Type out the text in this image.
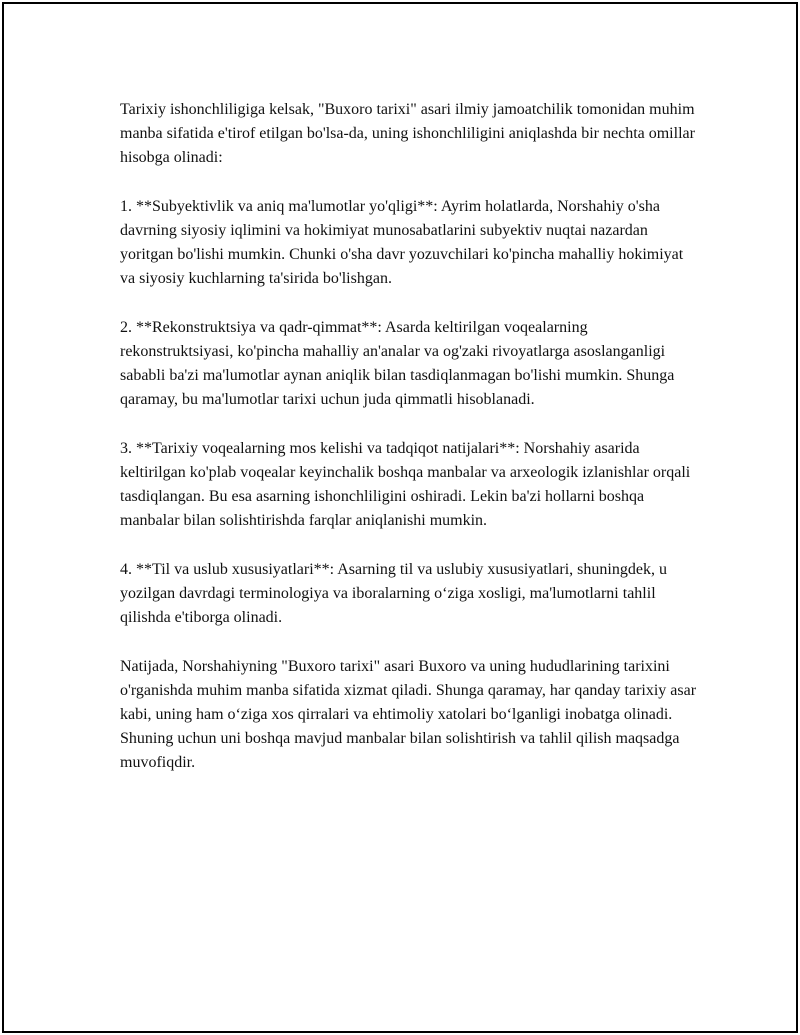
Tarixiy ishonchliligiga kelsak, "Buxoro tarixi" asari ilmiy jamoatchilik tomonidan muhim manba sifatida e'tirof etilgan bo'lsa-da, uning ishonchliligini aniqlashda bir nechta omillar hisobga olinadi:

1. **Subyektivlik va aniq ma'lumotlar yo'qligi**: Ayrim holatlarda, Norshahiy o'sha davrning siyosiy iqlimini va hokimiyat munosabatlarini subyektiv nuqtai nazardan yoritgan bo'lishi mumkin. Chunki o'sha davr yozuvchilari ko'pincha mahalliy hokimiyat va siyosiy kuchlarning ta'sirida bo'lishgan.

2. **Rekonstruktsiya va qadr-qimmat**: Asarda keltirilgan voqealarning rekonstruktsiyasi, ko'pincha mahalliy an'analar va og'zaki rivoyatlarga asoslanganligi sababli ba'zi ma'lumotlar aynan aniqlik bilan tasdiqlanmagan bo'lishi mumkin. Shunga qaramay, bu ma'lumotlar tarixi uchun juda qimmatli hisoblanadi.

3. **Tarixiy voqealarning mos kelishi va tadqiqot natijalari**: Norshahiy asarida keltirilgan ko'plab voqealar keyinchalik boshqa manbalar va arxeologik izlanishlar orqali tasdiqlangan. Bu esa asarning ishonchliligini oshiradi. Lekin ba'zi hollarni boshqa manbalar bilan solishtirishda farqlar aniqlanishi mumkin.

4. **Til va uslub xususiyatlari**: Asarning til va uslubiy xususiyatlari, shuningdek, u yozilgan davrdagi terminologiya va iboralarning o‘ziga xosligi, ma'lumotlarni tahlil qilishda e'tiborga olinadi.

Natijada, Norshahiyning "Buxoro tarixi" asari Buxoro va uning hududlarining tarixini o'rganishda muhim manba sifatida xizmat qiladi. Shunga qaramay, har qanday tarixiy asar kabi, uning ham o‘ziga xos qirralari va ehtimoliy xatolari bo‘lganligi inobatga olinadi. Shuning uchun uni boshqa mavjud manbalar bilan solishtirish va tahlil qilish maqsadga muvofiqdir.
